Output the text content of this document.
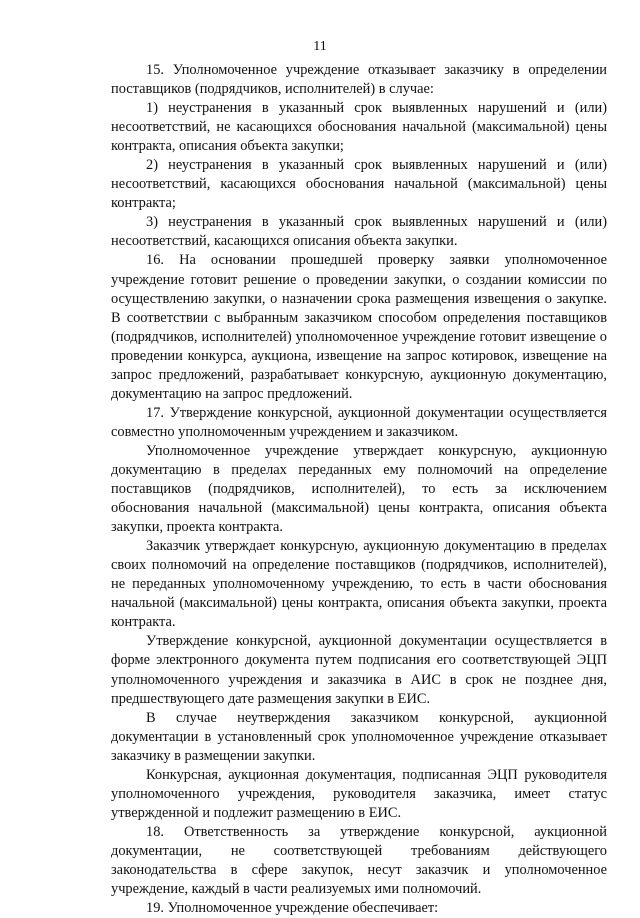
11

15. Уполномоченное учреждение отказывает заказчику в определении поставщиков (подрядчиков, исполнителей) в случае:

1) неустранения в указанный срок выявленных нарушений и (или) несоответствий, не касающихся обоснования начальной (максимальной) цены контракта, описания объекта закупки;

2) неустранения в указанный срок выявленных нарушений и (или) несоответствий, касающихся обоснования начальной (максимальной) цены контракта;

3) неустранения в указанный срок выявленных нарушений и (или) несоответствий, касающихся описания объекта закупки.

16. На основании прошедшей проверку заявки уполномоченное учреждение готовит решение о проведении закупки, о создании комиссии по осуществлению закупки, о назначении срока размещения извещения о закупке. В соответствии с выбранным заказчиком способом определения поставщиков (подрядчиков, исполнителей) уполномоченное учреждение готовит извещение о проведении конкурса, аукциона, извещение на запрос котировок, извещение на запрос предложений, разрабатывает конкурсную, аукционную документацию, документацию на запрос предложений.

17. Утверждение конкурсной, аукционной документации осуществляется совместно уполномоченным учреждением и заказчиком.

Уполномоченное учреждение утверждает конкурсную, аукционную документацию в пределах переданных ему полномочий на определение поставщиков (подрядчиков, исполнителей), то есть за исключением обоснования начальной (максимальной) цены контракта, описания объекта закупки, проекта контракта.

Заказчик утверждает конкурсную, аукционную документацию в пределах своих полномочий на определение поставщиков (подрядчиков, исполнителей), не переданных уполномоченному учреждению, то есть в части обоснования начальной (максимальной) цены контракта, описания объекта закупки, проекта контракта.

Утверждение конкурсной, аукционной документации осуществляется в форме электронного документа путем подписания его соответствующей ЭЦП уполномоченного учреждения и заказчика в АИС в срок не позднее дня, предшествующего дате размещения закупки в ЕИС.

В случае неутверждения заказчиком конкурсной, аукционной документации в установленный срок уполномоченное учреждение отказывает заказчику в размещении закупки.

Конкурсная, аукционная документация, подписанная ЭЦП руководителя уполномоченного учреждения, руководителя заказчика, имеет статус утвержденной и подлежит размещению в ЕИС.

18. Ответственность за утверждение конкурсной, аукционной документации, не соответствующей требованиям действующего законодательства в сфере закупок, несут заказчик и уполномоченное учреждение, каждый в части реализуемых ими полномочий.

19. Уполномоченное учреждение обеспечивает:
